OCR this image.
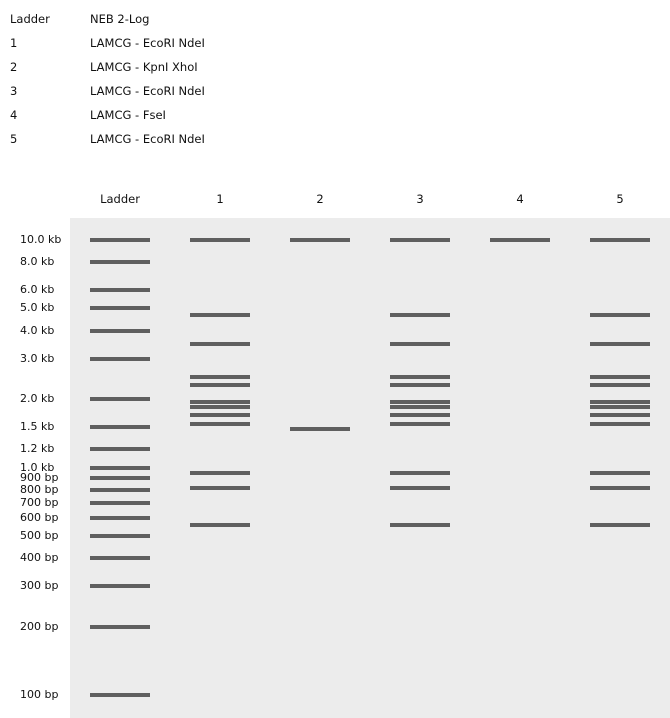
Ladder	NEB 2-Log
1	LAMCG - EcoRI NdeI
2	LAMCG - KpnI XhoI
3	LAMCG - EcoRI NdeI
4	LAMCG - FseI
5	LAMCG - EcoRI NdeI
Ladder	1	2	3	4	5
10.0 kb
8.0 kb
6.0 kb
5.0 kb
4.0 kb
3.0 kb
2.0 kb
1.5 kb
1.2 kb
1.0 kb
900 bp
800 bp
700 bp
600 bp
500 bp
400 bp
300 bp
200 bp
100 bp
